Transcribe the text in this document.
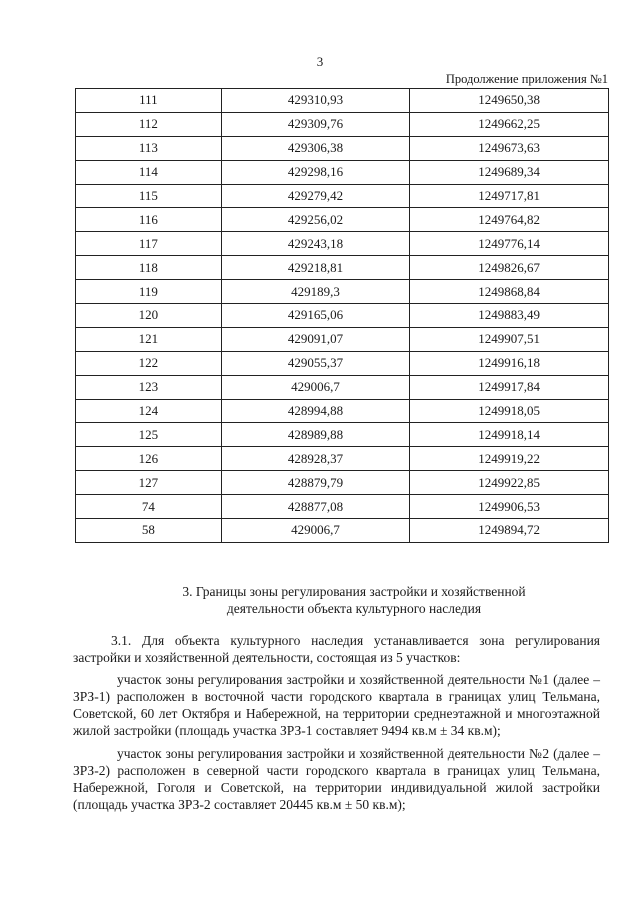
3
Продолжение приложения №1
111	429310,93	1249650,38
112	429309,76	1249662,25
113	429306,38	1249673,63
114	429298,16	1249689,34
115	429279,42	1249717,81
116	429256,02	1249764,82
117	429243,18	1249776,14
118	429218,81	1249826,67
119	429189,3	1249868,84
120	429165,06	1249883,49
121	429091,07	1249907,51
122	429055,37	1249916,18
123	429006,7	1249917,84
124	428994,88	1249918,05
125	428989,88	1249918,14
126	428928,37	1249919,22
127	428879,79	1249922,85
74	428877,08	1249906,53
58	429006,7	1249894,72
3. Границы зоны регулирования застройки и хозяйственной
деятельности объекта культурного наследия

3.1. Для объекта культурного наследия устанавливается зона регулирования застройки и хозяйственной деятельности, состоящая из 5 участков:

участок зоны регулирования застройки и хозяйственной деятельности №1 (далее – ЗРЗ-1) расположен в восточной части городского квартала в границах улиц Тельмана, Советской, 60 лет Октября и Набережной, на территории среднеэтажной и многоэтажной жилой застройки (площадь участка ЗРЗ-1 составляет 9494 кв.м ± 34 кв.м);

участок зоны регулирования застройки и хозяйственной деятельности №2 (далее – ЗРЗ-2) расположен в северной части городского квартала в границах улиц Тельмана, Набережной, Гоголя и Советской, на территории индивидуальной жилой застройки (площадь участка ЗРЗ-2 составляет 20445 кв.м ± 50 кв.м);
